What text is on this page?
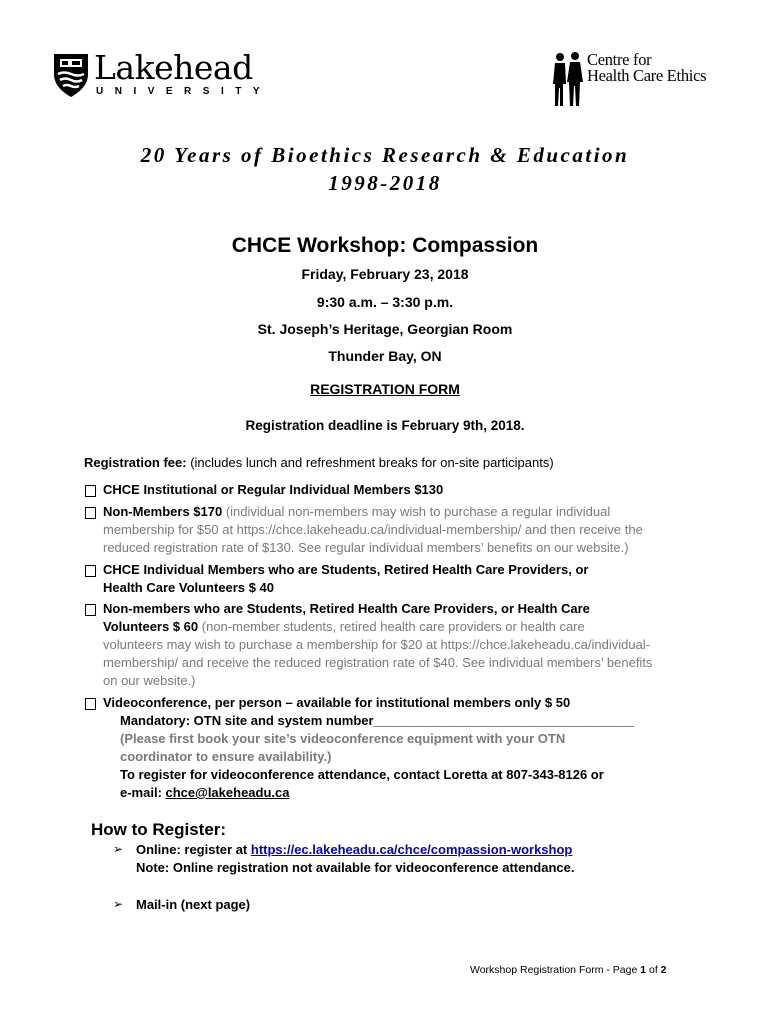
Lakehead
UNIVERSITY
Centre for
Health Care Ethics
20 Years of Bioethics Research & Education
1998-2018
CHCE Workshop: Compassion
Friday, February 23, 2018
9:30 a.m. – 3:30 p.m.
St. Joseph’s Heritage, Georgian Room
Thunder Bay, ON
REGISTRATION FORM
Registration deadline is February 9th, 2018.
Registration fee: (includes lunch and refreshment breaks for on-site participants)
CHCE Institutional or Regular Individual Members $130
Non-Members $170 (individual non-members may wish to purchase a regular individual
membership for $50 at https://chce.lakeheadu.ca/individual-membership/ and then receive the
reduced registration rate of $130. See regular individual members’ benefits on our website.)
CHCE Individual Members who are Students, Retired Health Care Providers, or
Health Care Volunteers $ 40
Non-members who are Students, Retired Health Care Providers, or Health Care
Volunteers $ 60 (non-member students, retired health care providers or health care
volunteers may wish to purchase a membership for $20 at https://chce.lakeheadu.ca/individual-
membership/ and receive the reduced registration rate of $40. See individual members’ benefits
on our website.)
Videoconference, per person – available for institutional members only $ 50
Mandatory: OTN site and system number____________________________________
(Please first book your site’s videoconference equipment with your OTN
coordinator to ensure availability.)
To register for videoconference attendance, contact Loretta at 807-343-8126 or
e-mail: chce@lakeheadu.ca
How to Register:
➢ Online: register at https://ec.lakeheadu.ca/chce/compassion-workshop
Note: Online registration not available for videoconference attendance.
➢ Mail-in (next page)
Workshop Registration Form - Page 1 of 2
